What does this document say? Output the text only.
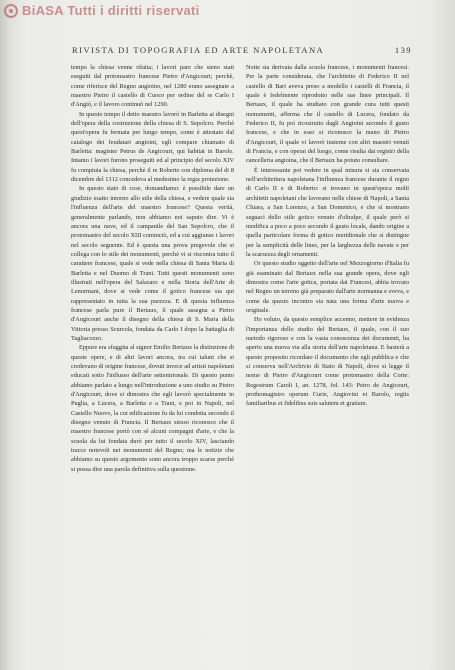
BiASA Tutti i diritti riservati
RIVISTA DI TOPOGRAFIA ED ARTE NAPOLETANA	139

tempo la chiesa venne rifatta; i lavori pare che sieno stati eseguiti dal protomastro francese Pietro d'Angicourt; perchè, come riferisce del Regno angioino, nel 1280 erano assegnate a maestro Pietro il castello di Cuoco per ordine del re Carlo I d'Angiò, e il lavoro continuò nel 1290.

In questo tempo il detto maestro lavorò in Barletta ai disegni dell'opera della costruzione della chiesa di S. Sepolcro. Perchè quest'opera fu fermata per lungo tempo, come è attestato dal catalogo dei feudatari angioini, egli compare chiamato di Barletta: magister Petrus de Angicourt, qui habitat in Barolo. Intanto i lavori furono proseguiti ed al principio del secolo XIV fu compiuta la chiesa, perchè il re Roberto con diploma del di 8 dicembre del 1312 concedeva al medesimo la regia protezione.

In questo stato di cose, domandiamo: è possibile dare un giudizio esatto intorno allo stile della chiesa, e vedere quale sia l'influenza dell'arte del maestro francese? Questa verità, generalmente parlando, non abbiamo noi saputo dire. Vi è ancora una nave, ed il campanile del San Sepolcro, che il protomastro del secolo XIII cominciò, ed a cui aggiunse i lavori nel secolo seguente. Ed è questa una prova pregevole che si collega con lo stile dei monumenti, perchè vi si riscontra tutto il carattere francese, quale si vede nella chiesa di Santa Maria di Barletta e nel Duomo di Trani. Tutti questi monumenti sono illustrati nell'opera del Salazaro e nella Storia dell'Arte di Lenormant, dove si vede come il gotico francese sia qui rappresentato in tutta la sua purezza. E di questa influenza francese parla pure il Bertaux, il quale assegna a Pietro d'Angicourt anche il disegno della chiesa di S. Maria della Vittoria presso Scurcola, fondata da Carlo I dopo la battaglia di Tagliacozzo.

Eppure era sfuggita al signor Emilio Bertaux la distinzione di queste opere, e di altri lavori ancora, tra cui taluni che si credevano di origine francese, dovuti invece ad artisti napoletani educati sotto l'influsso dell'arte settentrionale. Di questo punto abbiamo parlato a lungo nell'introduzione a uno studio su Pietro d'Angicourt, dove si dimostra che egli lavorò specialmente in Puglia, a Lucera, a Barletta e a Trani, e poi in Napoli, nel Castello Nuovo, la cui edificazione fu da lui condotta secondo il disegno venuto di Francia. Il Bertaux stesso riconosce che il maestro francese portò con sè alcuni compagni d'arte, e che la scuola da lui fondata durò per tutto il secolo XIV, lasciando tracce notevoli nei monumenti del Regno; ma le notizie che abbiamo su questo argomento sono ancora troppo scarse perchè si possa dire una parola definitiva sulla questione.

Notte sia derivata dalla scuola francese, i monumenti francesi. Per la parte considerata, che l'architetto di Federico II nel castello di Bari aveva preso a modello i castelli di Francia, il quale è fedelmente riprodotto nelle sue linee principali. Il Bertaux, il quale ha studiato con grande cura tutti questi monumenti, afferma che il castello di Lucera, fondato da Federico II, fu poi ricostruito dagli Angioini secondo il gusto francese, e che in esso si riconosce la mano di Pietro d'Angicourt, il quale vi lavorò insieme con altri maestri venuti di Francia, e con operai del luogo, come risulta dai registri della cancelleria angioina, che il Bertaux ha potuto consultare.

È interessante poi vedere in qual misura si sia conservata nell'architettura napoletana l'influenza francese durante il regno di Carlo II e di Roberto: si trovano in quest'epoca molti architetti napoletani che lavorano nelle chiese di Napoli, a Santa Chiara, a San Lorenzo, a San Domenico, e che si mostrano seguaci dello stile gotico venuto d'oltralpe, il quale però si modifica a poco a poco secondo il gusto locale, dando origine a quella particolare forma di gotico meridionale che si distingue per la semplicità delle linee, per la larghezza delle navate e per la scarsezza degli ornamenti.

Or questo studio oggetto dell'arte nel Mezzogiorno d'Italia fu già esaminato dal Bertaux nella sua grande opera, dove egli dimostra come l'arte gotica, portata dai Francesi, abbia trovato nel Regno un terreno già preparato dall'arte normanna e sveva, e come da questo incontro sia nata una forma d'arte nuova e originale.

Ho voluto, da questo semplice accenno, mettere in evidenza l'importanza dello studio del Bertaux, il quale, con il suo metodo rigoroso e con la vasta conoscenza dei documenti, ha aperto una nuova via alla storia dell'arte napoletana. E basterà a questo proposito ricordare il documento che egli pubblica e che si conserva nell'Archivio di Stato di Napoli, dove si legge il nome di Pietro d'Angicourt come protomastro della Corte: Regestrum Caroli I, an. 1278, fol. 143: Petro de Angicourt, prothomagistro operum Curie, Angiovini et Barolo, regiis familiaribus et fidelibus suis salutem et gratiam.
